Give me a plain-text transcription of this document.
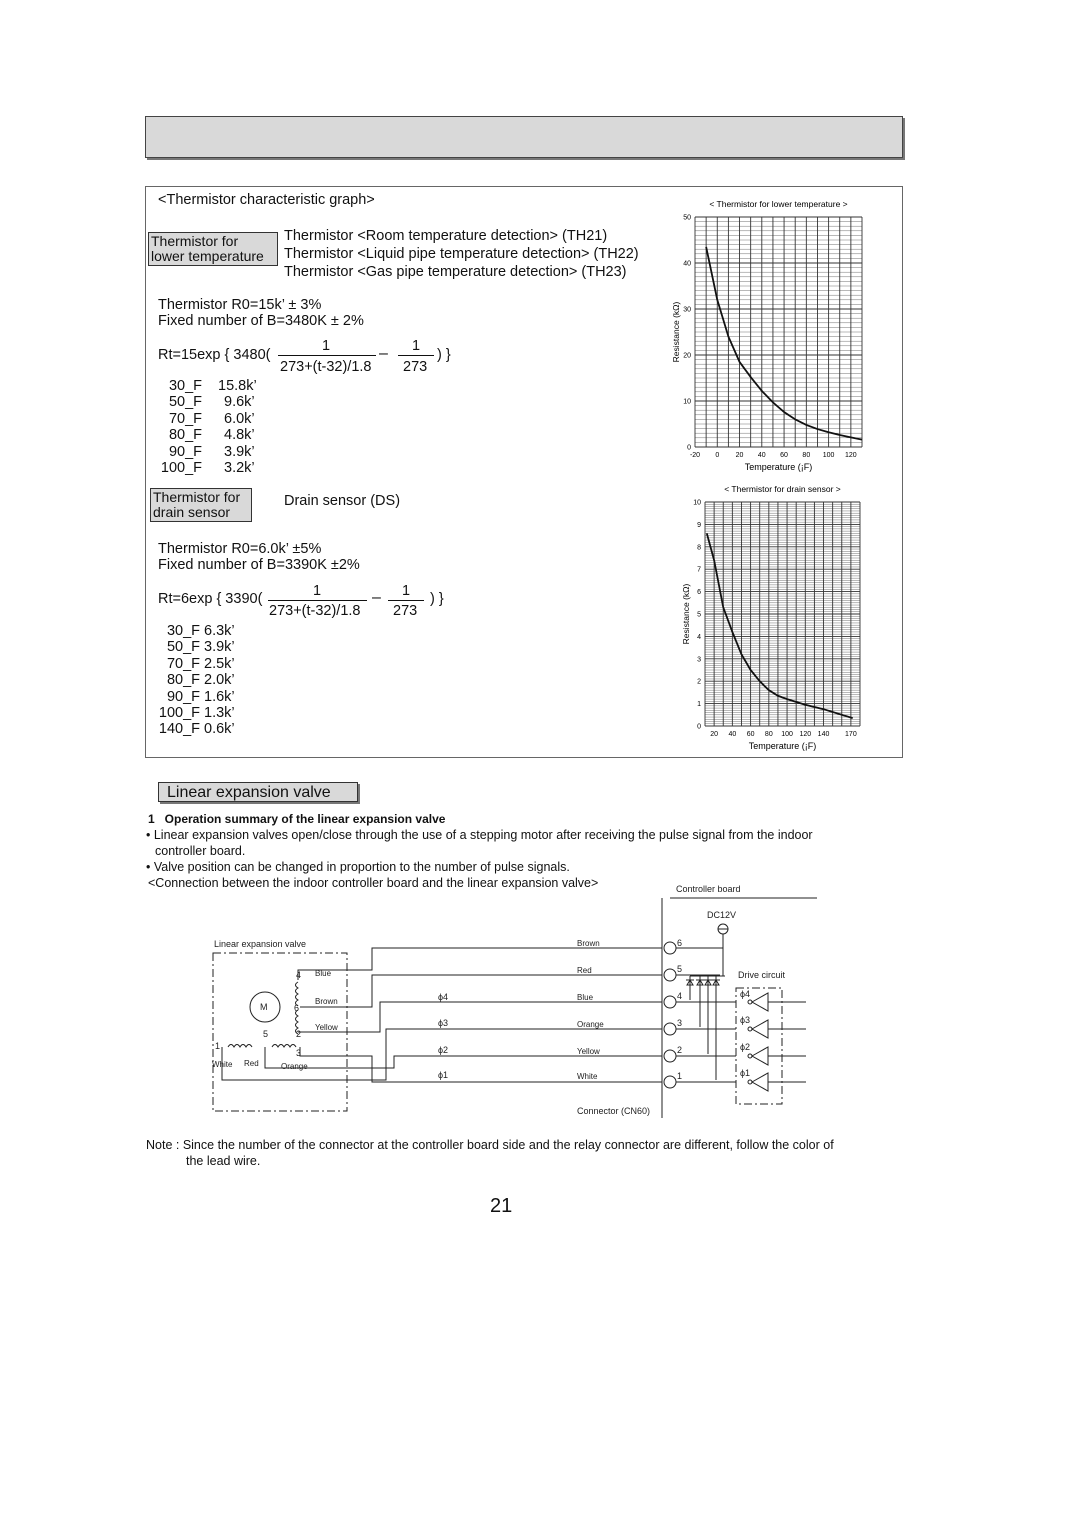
<Thermistor characteristic graph>
Thermistor for
lower temperature
Thermistor <Room temperature detection> (TH21)
Thermistor <Liquid pipe temperature detection> (TH22)
Thermistor <Gas pipe temperature detection> (TH23)
Thermistor R0=15k’ ± 3%
Fixed number of B=3480K ± 2%
Rt=15exp { 3480(
1
273+(t-32)/1.8
– 1
273
) }
30_F 15.8k’
50_F 9.6k’
70_F 6.0k’
80_F 4.8k’
90_F 3.9k’
100_F 3.2k’
Thermistor for
drain sensor
Drain sensor (DS)
Thermistor R0=6.0k’ ±5%
Fixed number of B=3390K ±2%
Rt=6exp { 3390(	1
273+(t-32)/1.8
– 1
273
) }
30_F 6.3k’
50_F 3.9k’
70_F 2.5k’
80_F 2.0k’
90_F 1.6k’
100_F 1.3k’
140_F 0.6k’
< Thermistor for lower temperature >
0
10
20
30
40
50
-20 0 20 40 60 80 100 120
Temperature (¡F)
Resistance (kΩ)
< Thermistor for drain sensor >
0
1
2
3
4
5
6
7
8
9
10
20 40 60 80 100 120 140 170
Temperature (¡F)
Resistance (kΩ)
Linear expansion valve
1   Operation summary of the linear expansion valve
• Linear expansion valves open/close through the use of a stepping motor after receiving the pulse signal from the indoor
controller board.
• Valve position can be changed in proportion to the number of pulse signals.
<Connection between the indoor controller board and the linear expansion valve>	Controller board
DC12V
Linear expansion valve
Drive circuit
Connector (CN60)
M
Brown
Red
Blue
Orange
Yellow
White
6
5
4
3
2
1
ϕ4
ϕ3
ϕ2
ϕ1
ϕ4
ϕ3
ϕ2
ϕ1
4
6
5	2
1
3
Blue
Brown
Yellow
White Red	Orange
Note : Since the number of the connector at the controller board side and the relay connector are different, follow the color of
the lead wire.
21
